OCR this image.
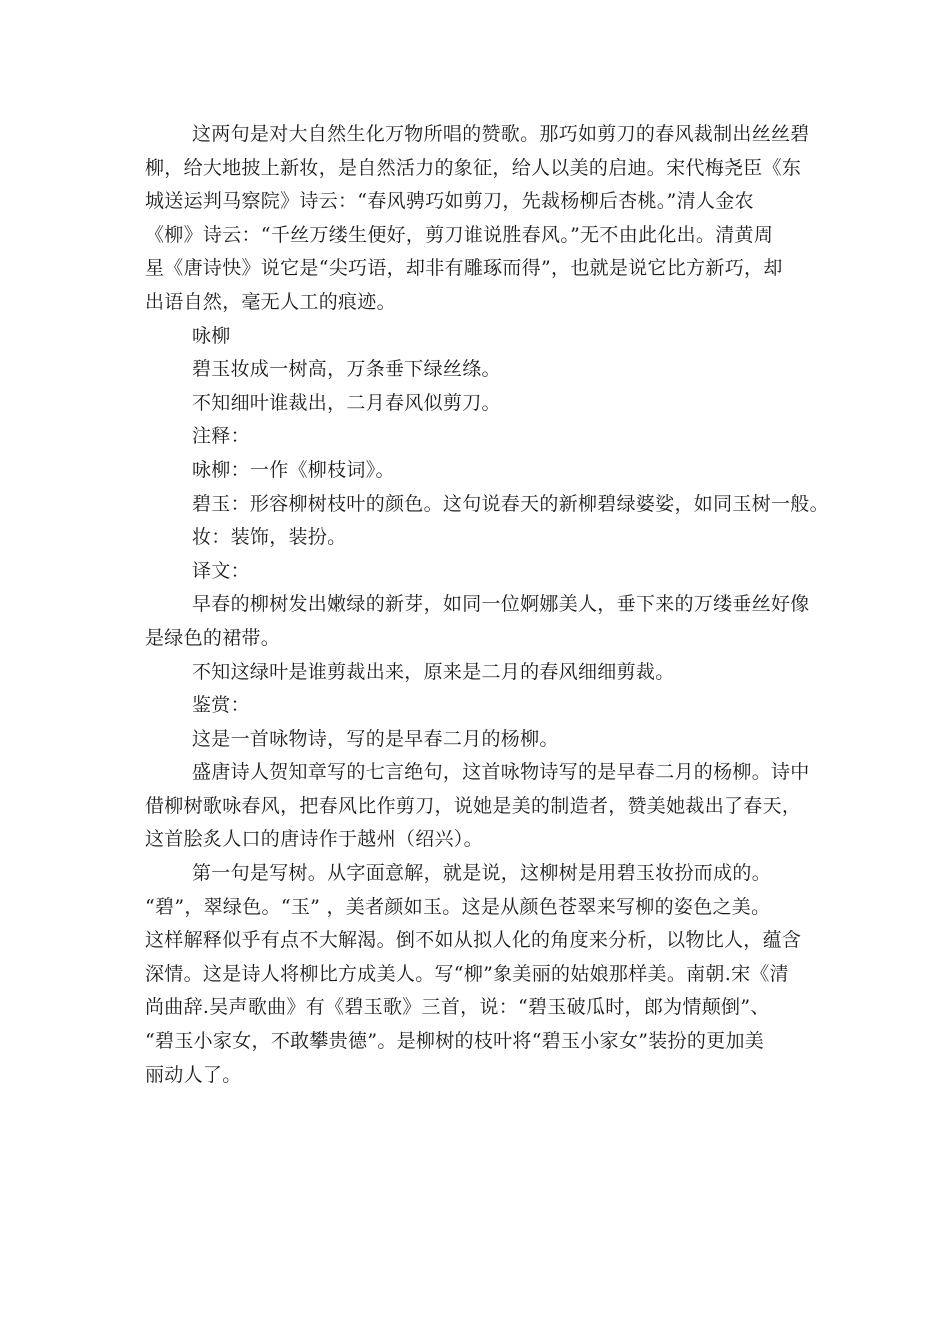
这两句是对大自然生化万物所唱的赞歌。那巧如剪刀的春风裁制出丝丝碧
柳，给大地披上新妆，是自然活力的象征，给人以美的启迪。宋代梅尧臣《东
城送运判马察院》诗云：“春风骋巧如剪刀，先裁杨柳后杏桃。”清人金农
《柳》诗云：“千丝万缕生便好，剪刀谁说胜春风。”无不由此化出。清黄周
星《唐诗快》说它是“尖巧语，却非有雕琢而得”，也就是说它比方新巧，却
出语自然，毫无人工的痕迹。
咏柳
碧玉妆成一树高，万条垂下绿丝绦。
不知细叶谁裁出，二月春风似剪刀。
注释：
咏柳：一作《柳枝词》。
碧玉：形容柳树枝叶的颜色。这句说春天的新柳碧绿婆娑，如同玉树一般。
妆：装饰，装扮。
译文：
早春的柳树发出嫩绿的新芽，如同一位婀娜美人，垂下来的万缕垂丝好像
是绿色的裙带。
不知这绿叶是谁剪裁出来，原来是二月的春风细细剪裁。
鉴赏：
这是一首咏物诗，写的是早春二月的杨柳。
盛唐诗人贺知章写的七言绝句，这首咏物诗写的是早春二月的杨柳。诗中
借柳树歌咏春风，把春风比作剪刀，说她是美的制造者，赞美她裁出了春天，
这首脍炙人口的唐诗作于越州（绍兴）。
第一句是写树。从字面意解，就是说，这柳树是用碧玉妆扮而成的。
“碧”，翠绿色。“玉” ，美者颜如玉。这是从颜色苍翠来写柳的姿色之美。
这样解释似乎有点不大解渴。倒不如从拟人化的角度来分析，以物比人，蕴含
深情。这是诗人将柳比方成美人。写“柳”象美丽的姑娘那样美。南朝.宋《清
尚曲辞.吴声歌曲》有《碧玉歌》三首，说：“碧玉破瓜时，郎为情颠倒”、
“碧玉小家女，不敢攀贵德”。是柳树的枝叶将“碧玉小家女”装扮的更加美
丽动人了。
